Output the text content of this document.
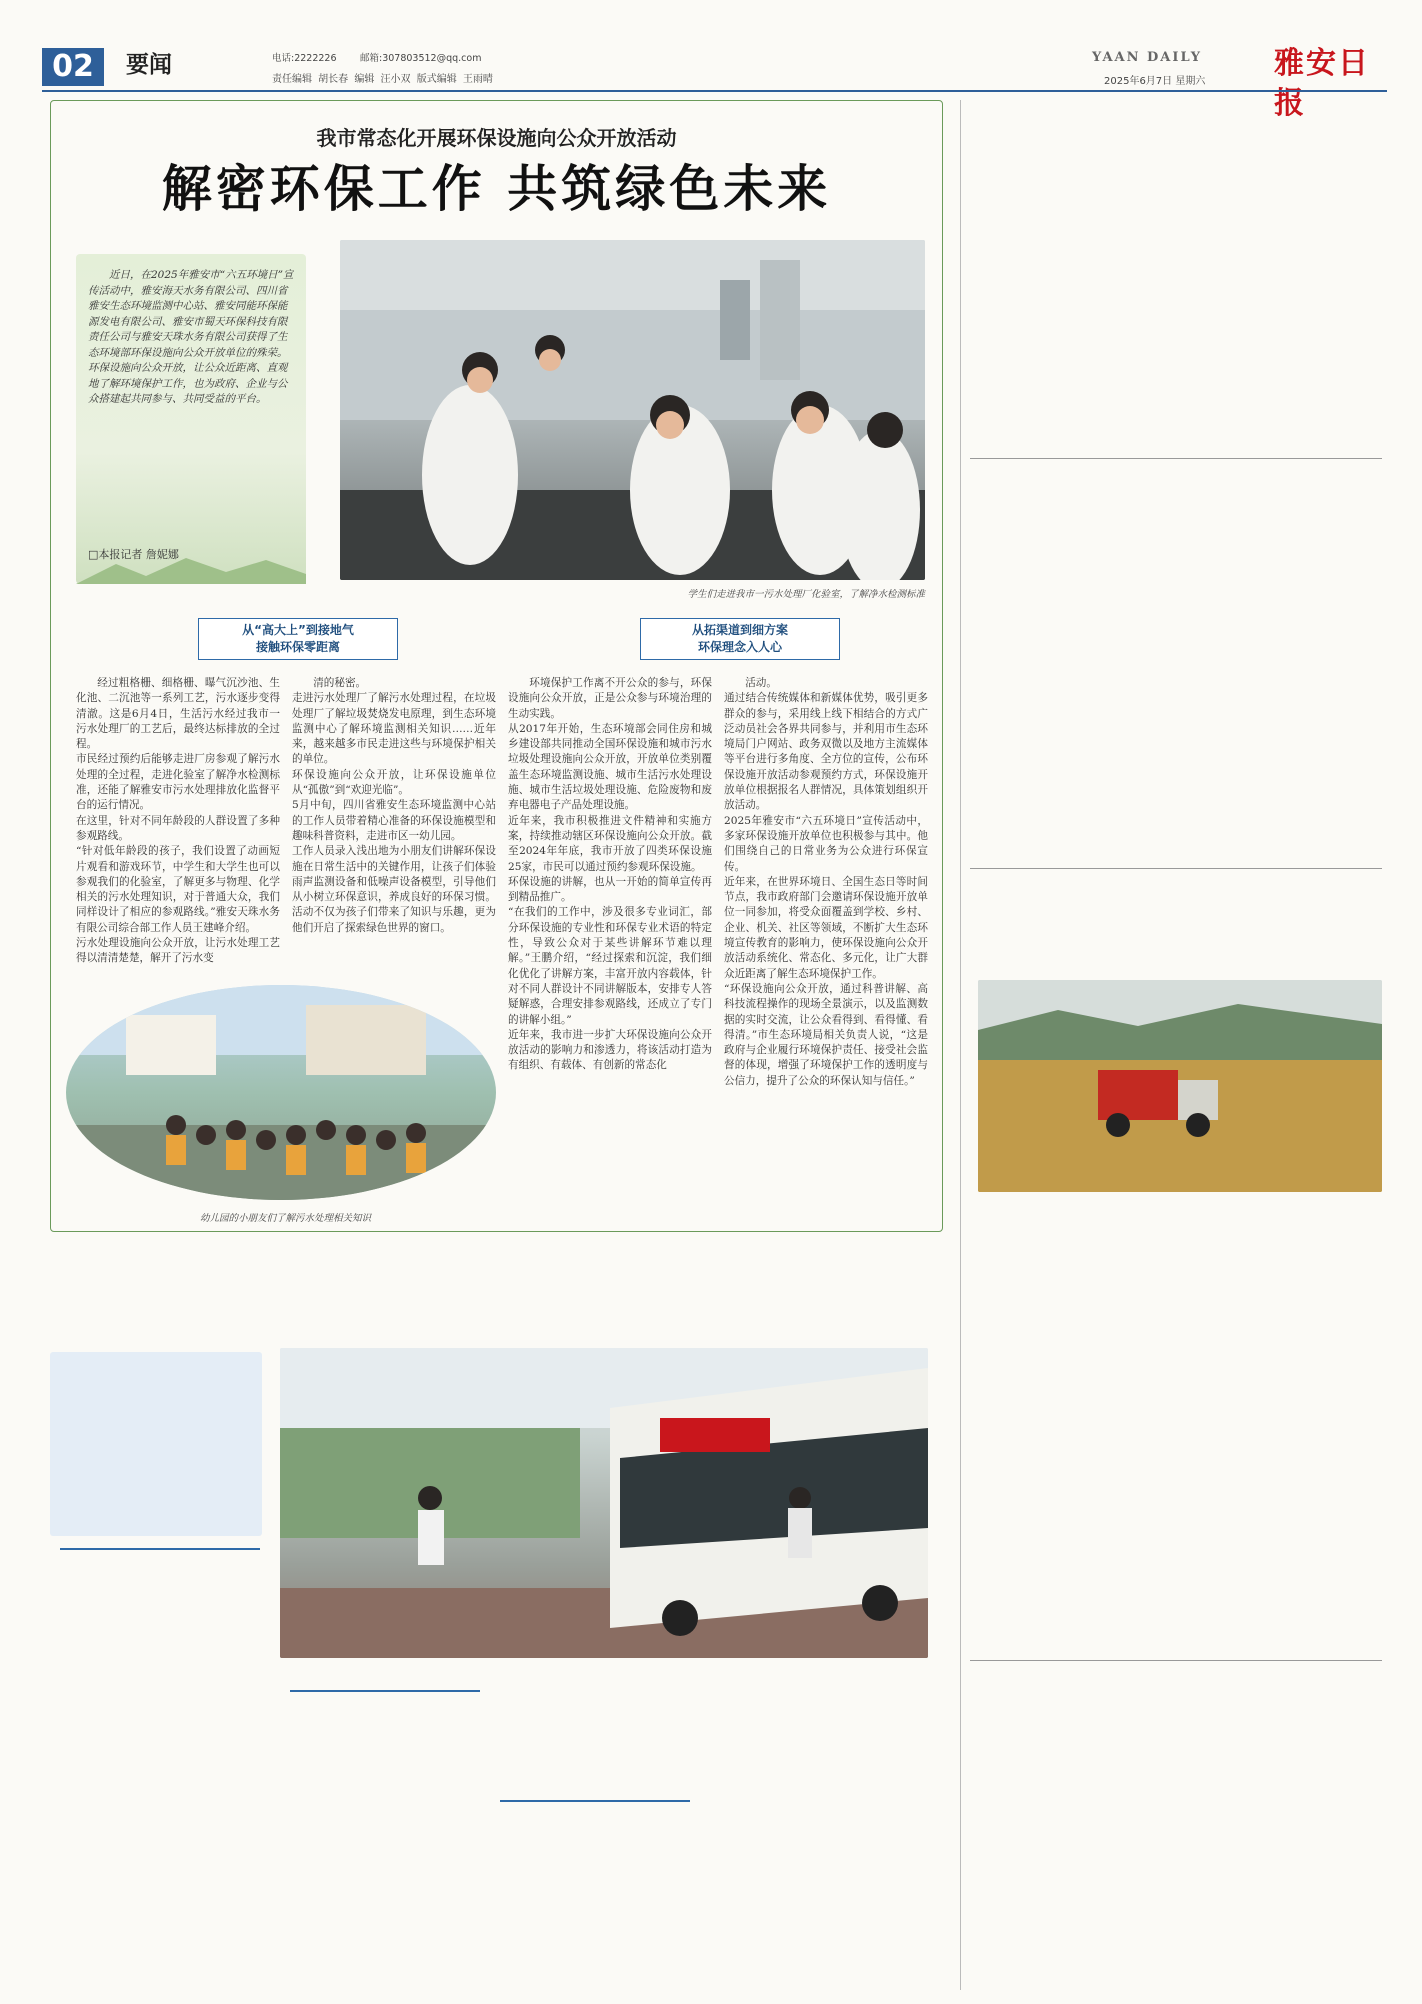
02	要闻	电话:2222226 邮箱:307803512@qq.com
责任编辑 胡长春 编辑 汪小双 版式编辑 王雨晴
YAAN DAILY
2025年6月7日 星期六
雅安日报
我市常态化开展环保设施向公众开放活动
解密环保工作 共筑绿色未来
近日，在2025年雅安市“六五环境日”宣传活动中，雅安海天水务有限公司、四川省雅安生态环境监测中心站、雅安同能环保能源发电有限公司、雅安市蜀天环保科技有限责任公司与雅安天珠水务有限公司获得了生态环境部环保设施向公众开放单位的殊荣。环保设施向公众开放，让公众近距离、直观地了解环境保护工作，也为政府、企业与公众搭建起共同参与、共同受益的平台。
□本报记者 詹妮娜
学生们走进我市一污水处理厂化验室，了解净水检测标准
从“高大上”到接地气
接触环保零距离
从拓渠道到细方案
环保理念入人心
经过粗格栅、细格栅、曝气沉沙池、生化池、二沉池等一系列工艺，污水逐步变得清澈。这是6月4日，生活污水经过我市一污水处理厂的工艺后，最终达标排放的全过程。
市民经过预约后能够走进厂房参观了解污水处理的全过程，走进化验室了解净水检测标准，还能了解雅安市污水处理排放化监督平台的运行情况。
在这里，针对不同年龄段的人群设置了多种参观路线。
“针对低年龄段的孩子，我们设置了动画短片观看和游戏环节，中学生和大学生也可以参观我们的化验室，了解更多与物理、化学相关的污水处理知识，对于普通大众，我们同样设计了相应的参观路线。”雅安天珠水务有限公司综合部工作人员王建峰介绍。
污水处理设施向公众开放，让污水处理工艺得以清清楚楚，解开了污水变
清的秘密。
走进污水处理厂了解污水处理过程，在垃圾处理厂了解垃圾焚烧发电原理，到生态环境监测中心了解环境监测相关知识……近年来，越来越多市民走进这些与环境保护相关的单位。
环保设施向公众开放，让环保设施单位从“孤傲”到“欢迎光临”。
5月中旬，四川省雅安生态环境监测中心站的工作人员带着精心准备的环保设施模型和趣味科普资料，走进市区一幼儿园。
工作人员录入浅出地为小朋友们讲解环保设施在日常生活中的关键作用，让孩子们体验雨声监测设备和低噪声设备模型，引导他们从小树立环保意识，养成良好的环保习惯。活动不仅为孩子们带来了知识与乐趣，更为他们开启了探索绿色世界的窗口。
环境保护工作离不开公众的参与，环保设施向公众开放，正是公众参与环境治理的生动实践。
从2017年开始，生态环境部会同住房和城乡建设部共同推动全国环保设施和城市污水垃圾处理设施向公众开放，开放单位类别覆盖生态环境监测设施、城市生活污水处理设施、城市生活垃圾处理设施、危险废物和废弃电器电子产品处理设施。
近年来，我市积极推进文件精神和实施方案，持续推动辖区环保设施向公众开放。截至2024年年底，我市开放了四类环保设施25家，市民可以通过预约参观环保设施。
环保设施的讲解，也从一开始的简单宣传再到精品推广。
“在我们的工作中，涉及很多专业词汇，部分环保设施的专业性和环保专业术语的特定性，导致公众对于某些讲解环节难以理解。”王鹏介绍，“经过探索和沉淀，我们细化优化了讲解方案，丰富开放内容载体，针对不同人群设计不同讲解版本，安排专人答疑解惑，合理安排参观路线，还成立了专门的讲解小组。”
近年来，我市进一步扩大环保设施向公众开放活动的影响力和渗透力，将该活动打造为有组织、有载体、有创新的常态化
活动。
通过结合传统媒体和新媒体优势，吸引更多群众的参与，采用线上线下相结合的方式广泛动员社会各界共同参与，并利用市生态环境局门户网站、政务双微以及地方主流媒体等平台进行多角度、全方位的宣传，公布环保设施开放活动参观预约方式，环保设施开放单位根据报名人群情况，具体策划组织开放活动。
2025年雅安市“六五环境日”宣传活动中，多家环保设施开放单位也积极参与其中。他们围绕自己的日常业务为公众进行环保宣传。
近年来，在世界环境日、全国生态日等时间节点，我市政府部门会邀请环保设施开放单位一同参加，将受众面覆盖到学校、乡村、企业、机关、社区等领域，不断扩大生态环境宣传教育的影响力，使环保设施向公众开放活动系统化、常态化、多元化，让广大群众近距离了解生态环境保护工作。
“环保设施向公众开放，通过科普讲解、高科技流程操作的现场全景演示，以及监测数据的实时交流，让公众看得到、看得懂、看得清。”市生态环境局相关负责人说，“这是政府与企业履行环境保护责任、接受社会监督的体现，增强了环境保护工作的透明度与公信力，提升了公众的环保认知与信任。”
幼儿园的小朋友们了解污水处理相关知识
